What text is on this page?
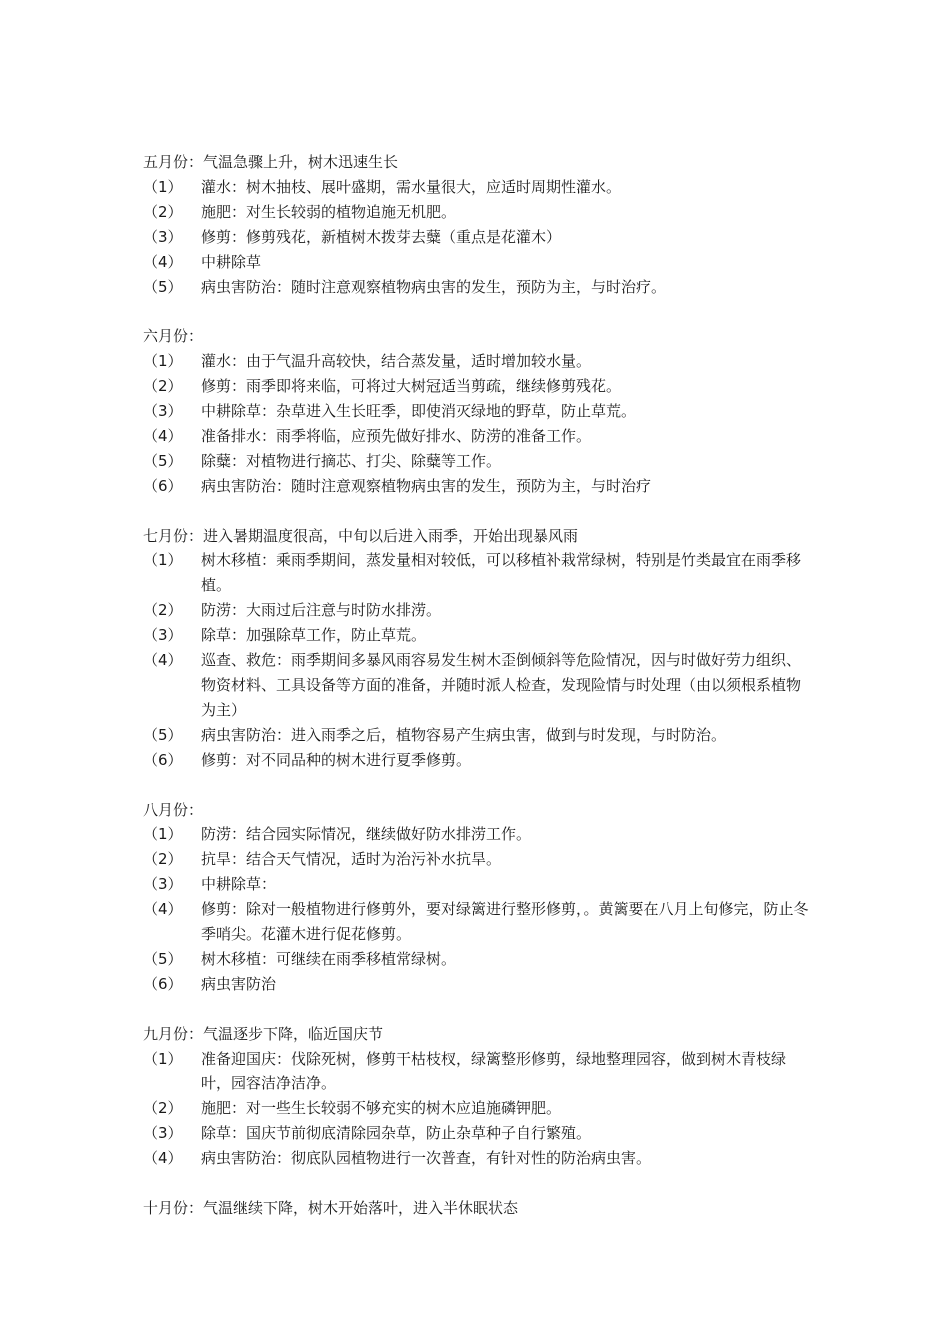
五月份：气温急骤上升，树木迅速生长

（1）	灌水：树木抽枝、展叶盛期，需水量很大，应适时周期性灌水。
（2）	施肥：对生长较弱的植物追施无机肥。
（3）	修剪：修剪残花，新植树木拨芽去糵（重点是花灌木）
（4）	中耕除草
（5）	病虫害防治：随时注意观察植物病虫害的发生，预防为主，与时治疗。

六月份：

（1）	灌水：由于气温升高较快，结合蒸发量，适时增加较水量。
（2）	修剪：雨季即将来临，可将过大树冠适当剪疏，继续修剪残花。
（3）	中耕除草：杂草进入生长旺季，即使消灭绿地的野草，防止草荒。
（4）	准备排水：雨季将临，应预先做好排水、防涝的准备工作。
（5）	除糵：对植物进行摘芯、打尖、除糵等工作。
（6）	病虫害防治：随时注意观察植物病虫害的发生，预防为主，与时治疗

七月份：进入暑期温度很高，中旬以后进入雨季，开始出现暴风雨

（1）	树木移植：乘雨季期间，蒸发量相对较低，可以移植补栽常绿树，特别是竹类最宜在雨季移植。
（2）	防涝：大雨过后注意与时防水排涝。
（3）	除草：加强除草工作，防止草荒。
（4）	巡查、救危：雨季期间多暴风雨容易发生树木歪倒倾斜等危险情况，因与时做好劳力组织、物资材料、工具设备等方面的准备，并随时派人检查，发现险情与时处理（由以须根系植物为主）
（5）	病虫害防治：进入雨季之后，植物容易产生病虫害，做到与时发现，与时防治。
（6）	修剪：对不同品种的树木进行夏季修剪。

八月份：

（1）	防涝：结合园实际情况，继续做好防水排涝工作。
（2）	抗旱：结合天气情况，适时为治污补水抗旱。
（3）	中耕除草：
（4）	修剪：除对一般植物进行修剪外，要对绿篱进行整形修剪，。黄篱要在八月上旬修完，防止冬季哨尖。花灌木进行促花修剪。
（5）	树木移植：可继续在雨季移植常绿树。
（6）	病虫害防治

九月份：气温逐步下降，临近国庆节

（1）	准备迎国庆：伐除死树，修剪干枯枝杈，绿篱整形修剪，绿地整理园容，做到树木青枝绿叶，园容洁净洁净。
（2）	施肥：对一些生长较弱不够充实的树木应追施磷钾肥。
（3）	除草：国庆节前彻底清除园杂草，防止杂草种子自行繁殖。
（4）	病虫害防治：彻底队园植物进行一次普查，有针对性的防治病虫害。

十月份：气温继续下降，树木开始落叶，进入半休眠状态
